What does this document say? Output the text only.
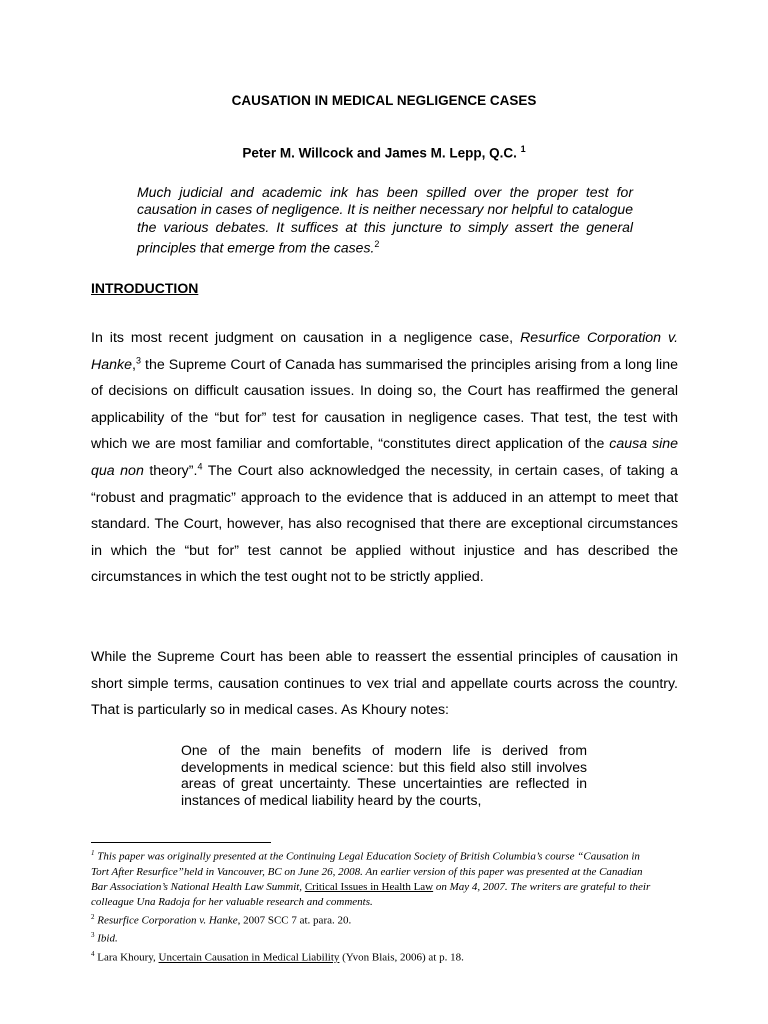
CAUSATION IN MEDICAL NEGLIGENCE CASES
Peter M. Willcock and James M. Lepp, Q.C. $^1$

Much judicial and academic ink has been spilled over the proper test for causation in cases of negligence. It is neither necessary nor helpful to catalogue the various debates. It suffices at this juncture to simply assert the general principles that emerge from the cases.$^2$

INTRODUCTION

In its most recent judgment on causation in a negligence case, Resurfice Corporation v. Hanke,$^3$ the Supreme Court of Canada has summarised the principles arising from a long line of decisions on difficult causation issues. In doing so, the Court has reaffirmed the general applicability of the “but for” test for causation in negligence cases. That test, the test with which we are most familiar and comfortable, “constitutes direct application of the causa sine qua non theory”.$^4$ The Court also acknowledged the necessity, in certain cases, of taking a “robust and pragmatic” approach to the evidence that is adduced in an attempt to meet that standard. The Court, however, has also recognised that there are exceptional circumstances in which the “but for” test cannot be applied without injustice and has described the circumstances in which the test ought not to be strictly applied.

While the Supreme Court has been able to reassert the essential principles of causation in short simple terms, causation continues to vex trial and appellate courts across the country. That is particularly so in medical cases. As Khoury notes:

One of the main benefits of modern life is derived from developments in medical science: but this field also still involves areas of great uncertainty. These uncertainties are reflected in instances of medical liability heard by the courts,

$^1$ This paper was originally presented at the Continuing Legal Education Society of British Columbia’s course “Causation in Tort After Resurfice”held in Vancouver, BC on June 26, 2008. An earlier version of this paper was presented at the Canadian Bar Association’s National Health Law Summit, Critical Issues in Health Law on May 4, 2007. The writers are grateful to their colleague Una Radoja for her valuable research and comments.

$^2$ Resurfice Corporation v. Hanke, 2007 SCC 7 at. para. 20.

$^3$ Ibid.

$^4$ Lara Khoury, Uncertain Causation in Medical Liability (Yvon Blais, 2006) at p. 18.
